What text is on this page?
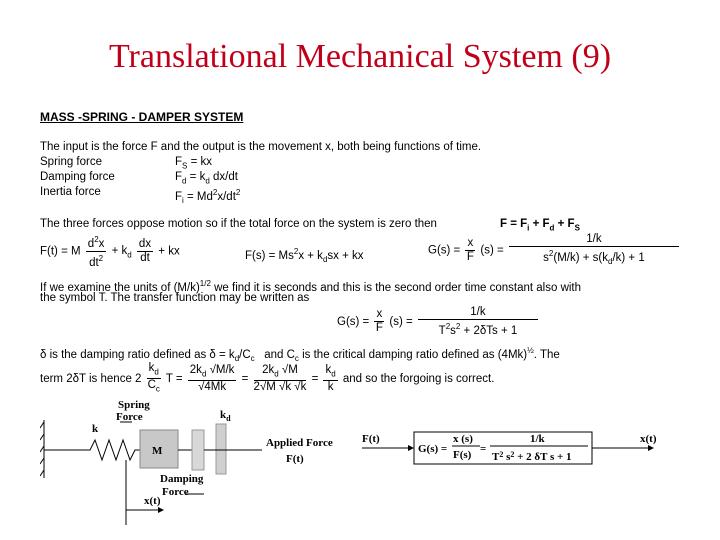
Translational Mechanical System (9)
MASS -SPRING - DAMPER SYSTEM
The input is the force F and the output is the movement x, both being functions of time.
Spring force	$F_S$ = kx
Damping force	$F_d = k_d$ dx/dt
Inertia force	$F_i = Md^2x/dt^2$
The three forces oppose motion so if the total force on the system is zero then	$F = F_i + F_d + F_S$
F(t) = M $\frac{d^2x}{dt^2} + k_d \frac{dx}{dt}$ + kx	$F(s) = Ms^2x + k_dsx$ + kx	$G(s) = \frac{x}{F} (s) = \frac{1/k}{s^2(M/k) + s(k_d/k) + 1}$
If we examine the units of $(M/k)^{1/2}$ we find it is seconds and this is the second order time constant also with
the symbol T. The transfer function may be written as
$G(s) = \frac{x}{F} (s) = \frac{1/k}{T^2s^2 + 2\delta Ts + 1}$
δ is the damping ratio defined as $\delta = k_d/C_c$   and $C_c$ is the critical damping ratio defined as $(4Mk)^{\frac{1}{2}}$. The
term 2δT is hence $2 \frac{k_d}{C_c}$ $T = \frac{2k_d √M/k}{√4Mk} = \frac{2k_d √M}{2√M √k √k} = \frac{k_d}{k}$ and so the forgoing is correct.
M
k
Spring
Force	$k_d$
Applied Force
F(t)
Damping
Force
x(t)
F(t)
G(s) =
x (s)
F(s) =
1/k
$T^2$ $s^2 + 2$ δT s + 1
x(t)
